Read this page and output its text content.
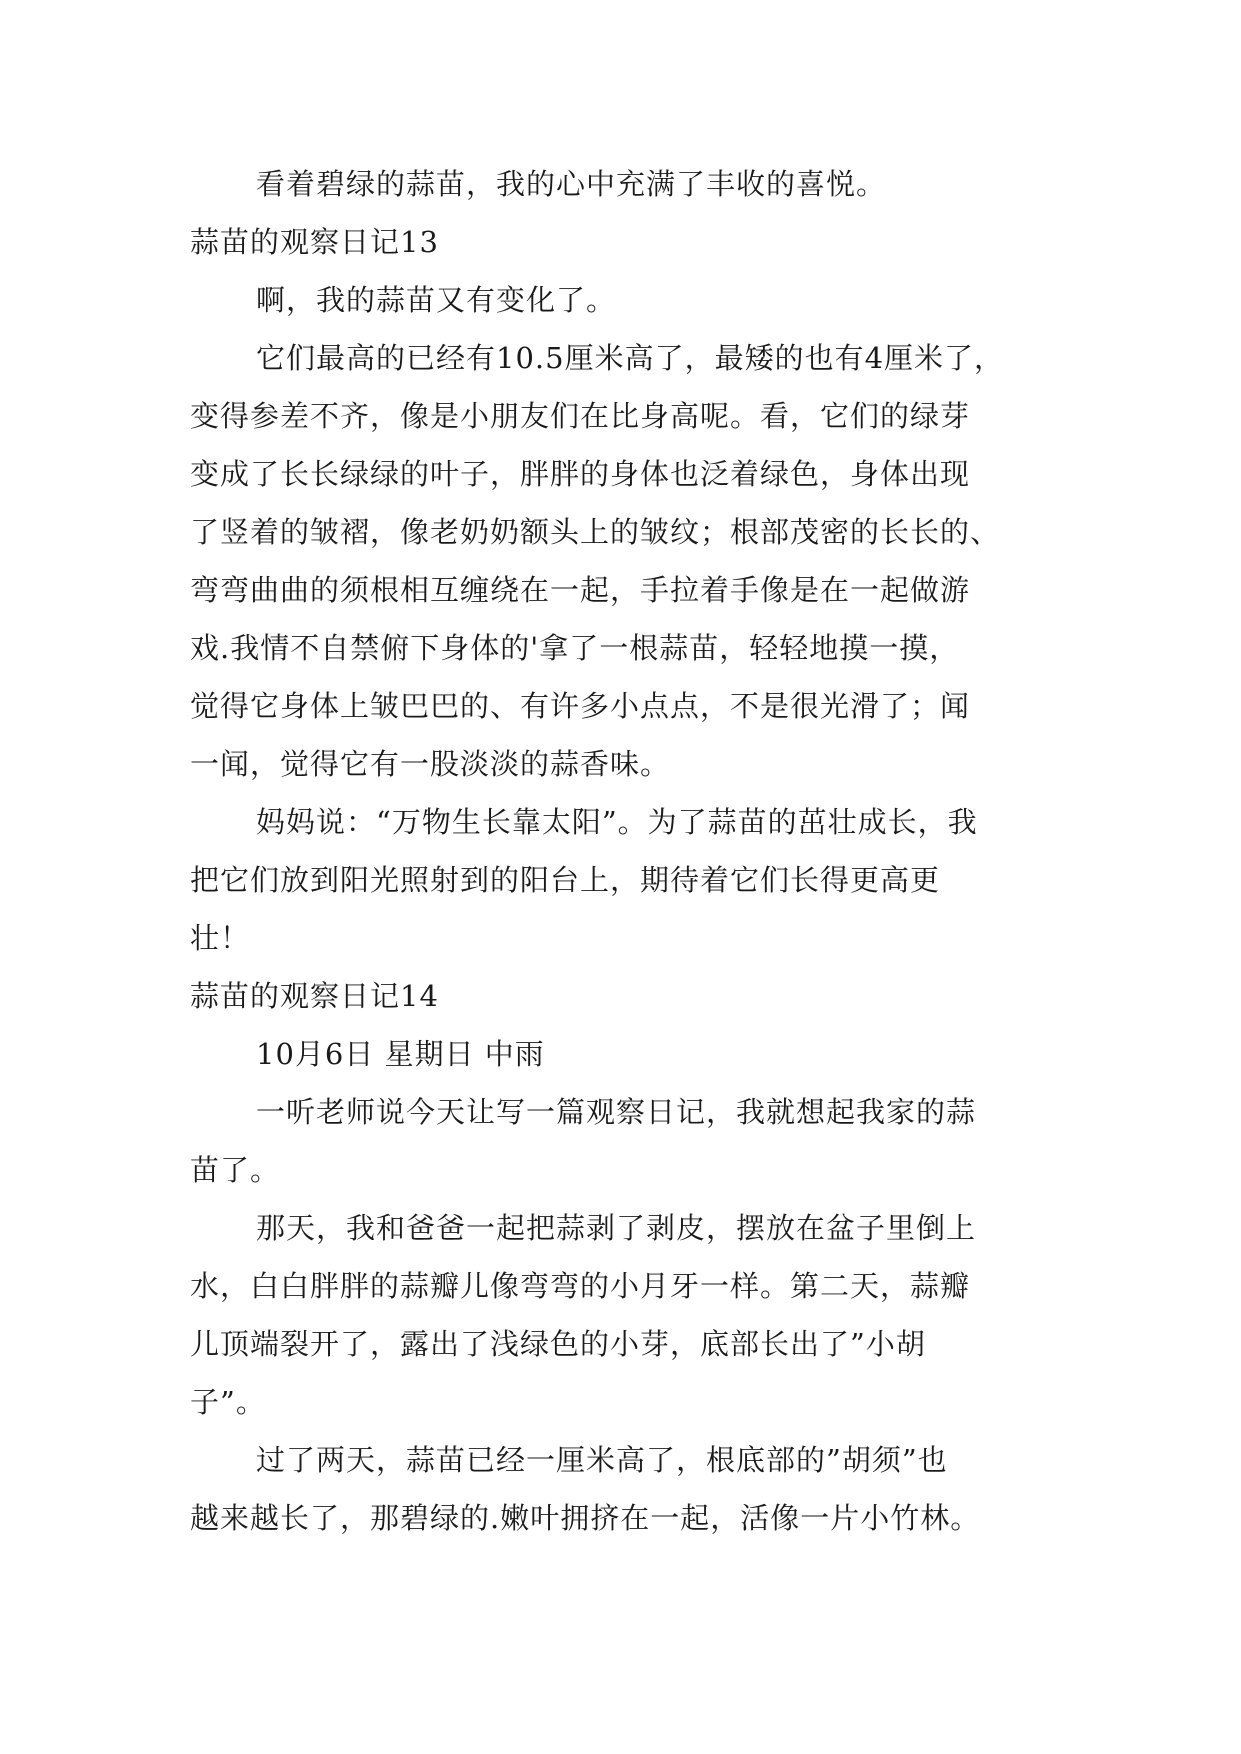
看着碧绿的蒜苗，我的心中充满了丰收的喜悦。
蒜苗的观察日记13
啊，我的蒜苗又有变化了。
它们最高的已经有10.5厘米高了，最矮的也有4厘米了，
变得参差不齐，像是小朋友们在比身高呢。看，它们的绿芽
变成了长长绿绿的叶子，胖胖的身体也泛着绿色，身体出现
了竖着的皱褶，像老奶奶额头上的皱纹；根部茂密的长长的、
弯弯曲曲的须根相互缠绕在一起，手拉着手像是在一起做游
戏.我情不自禁俯下身体的'拿了一根蒜苗，轻轻地摸一摸，
觉得它身体上皱巴巴的、有许多小点点，不是很光滑了；闻
一闻，觉得它有一股淡淡的蒜香味。
妈妈说：“万物生长靠太阳”。为了蒜苗的茁壮成长，我
把它们放到阳光照射到的阳台上，期待着它们长得更高更
壮！
蒜苗的观察日记14
10月6日 星期日 中雨
一听老师说今天让写一篇观察日记，我就想起我家的蒜
苗了。
那天，我和爸爸一起把蒜剥了剥皮，摆放在盆子里倒上
水，白白胖胖的蒜瓣儿像弯弯的小月牙一样。第二天，蒜瓣
儿顶端裂开了，露出了浅绿色的小芽，底部长出了”小胡
子”。
过了两天，蒜苗已经一厘米高了，根底部的”胡须”也
越来越长了，那碧绿的.嫩叶拥挤在一起，活像一片小竹林。
